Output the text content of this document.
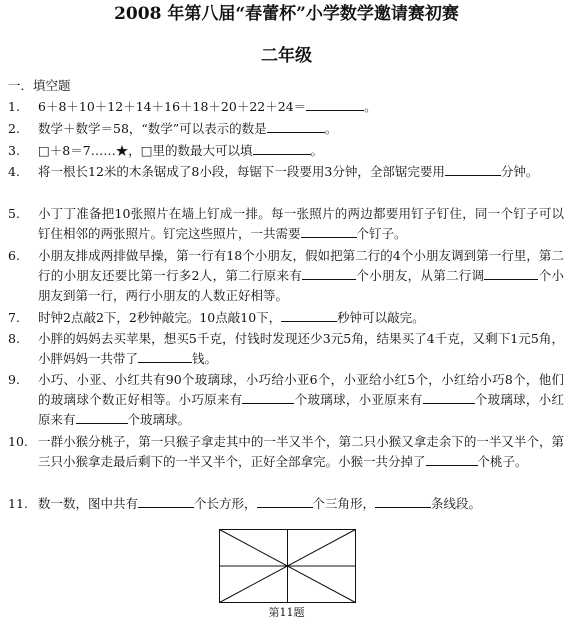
2008 年第八届“春蕾杯”小学数学邀请赛初赛
二年级
一．填空题
1.	6＋8＋10＋12＋14＋16＋18＋20＋22＋24＝	。
2.	数学＋数学＝58，“数学”可以表示的数是	。
3.	□＋8＝7……★，□里的数最大可以填	。
4.	将一根长12米的木条锯成了8小段，每锯下一段要用3分钟，全部锯完要用	分钟。
5.	小丁丁准备把10张照片在墙上钉成一排。每一张照片的两边都要用钉子钉住，同一个钉子可以钉住相邻的两张照片。钉完这些照片，一共需要	个钉子。
6.	小朋友排成两排做早操，第一行有18个小朋友，假如把第二行的4个小朋友调到第一行里，第二行的小朋友还要比第一行多2人，第二行原来有	个小朋友，从第二行调	个小朋友到第一行，两行小朋友的人数正好相等。
7.	时钟2点敲2下，2秒钟敲完。10点敲10下，	秒钟可以敲完。
8.	小胖的妈妈去买苹果，想买5千克，付钱时发现还少3元5角，结果买了4千克，又剩下1元5角，小胖妈妈一共带了	钱。
9.	小巧、小亚、小红共有90个玻璃球，小巧给小亚6个，小亚给小红5个，小红给小巧8个，他们的玻璃球个数正好相等。小巧原来有	个玻璃球，小亚原来有	个玻璃球，小红原来有	个玻璃球。
10. 一群小猴分桃子，第一只猴子拿走其中的一半又半个，第二只小猴又拿走余下的一半又半个，第三只小猴拿走最后剩下的一半又半个，正好全部拿完。小猴一共分掉了	个桃子。
11. 数一数，图中共有	个长方形，	个三角形，	条线段。
第11题
